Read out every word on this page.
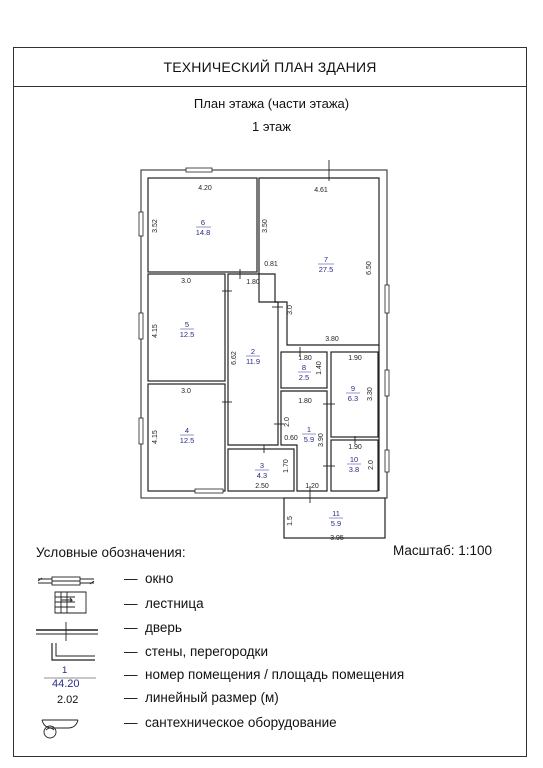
ТЕХНИЧЕСКИЙ ПЛАН ЗДАНИЯ
План этажа (части этажа)
1 этаж
6
14.8
7
27.5
5
12.5
2
11.9
8
2.5
9
6.3
4
12.5
1
5.9
10
3.8
3
4.3
11
5.9
4.20
3.52
4.61
3.50
6.50
0.81
3.80
3.0
4.15
1.80
6.62
3.0
1.80
1.40
1.90
3.30
3.0
4.15
1.80
2.0
0.60	3.90
1.90
2.0
1.70
2.50	1.20
1.5
3.95
1
44.20
2.02
Условные обозначения:	Масштаб: 1:100
—  окно
—  лестница
—  дверь
—  стены, перегородки
—  номер помещения / площадь помещения
—  линейный размер (м)
—  сантехническое оборудование
